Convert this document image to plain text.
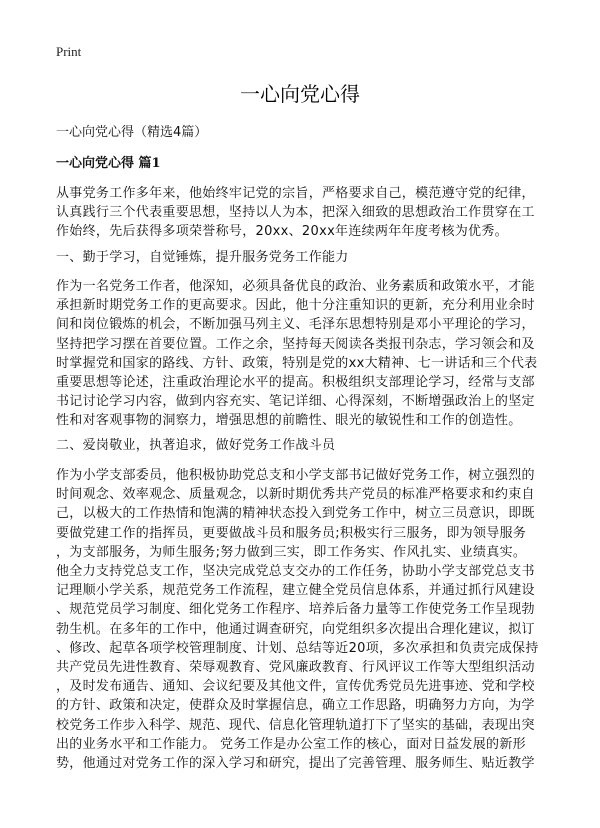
Print
一心向党心得

一心向党心得（精选4篇）

一心向党心得 篇1

从事党务工作多年来，他始终牢记党的宗旨，严格要求自己，模范遵守党的纪律，
认真践行三个代表重要思想，坚持以人为本，把深入细致的思想政治工作贯穿在工
作始终，先后获得多项荣誉称号，20xx、20xx年连续两年年度考核为优秀。

一、勤于学习，自觉锤炼，提升服务党务工作能力

作为一名党务工作者，他深知，必须具备优良的政治、业务素质和政策水平，才能
承担新时期党务工作的更高要求。因此，他十分注重知识的更新，充分利用业余时
间和岗位锻炼的机会，不断加强马列主义、毛泽东思想特别是邓小平理论的学习，
坚持把学习摆在首要位置。工作之余，坚持每天阅读各类报刊杂志，学习领会和及
时掌握党和国家的路线、方针、政策，特别是党的xx大精神、七一讲话和三个代表
重要思想等论述，注重政治理论水平的提高。积极组织支部理论学习，经常与支部
书记讨论学习内容，做到内容充实、笔记详细、心得深刻，不断增强政治上的坚定
性和对客观事物的洞察力，增强思想的前瞻性、眼光的敏锐性和工作的创造性。

二、爱岗敬业，执著追求，做好党务工作战斗员

作为小学支部委员，他积极协助党总支和小学支部书记做好党务工作，树立强烈的
时间观念、效率观念、质量观念，以新时期优秀共产党员的标准严格要求和约束自
己，以极大的工作热情和饱满的精神状态投入到党务工作中，树立三员意识，即既
要做党建工作的指挥员，更要做战斗员和服务员;积极实行三服务，即为领导服务
，为支部服务，为师生服务;努力做到三实，即工作务实、作风扎实、业绩真实。
他全力支持党总支工作，坚决完成党总支交办的工作任务，协助小学支部党总支书
记理顺小学关系，规范党务工作流程，建立健全党员信息体系，并通过抓行风建设
、规范党员学习制度、细化党务工作程序、培养后备力量等工作使党务工作呈现勃
勃生机。在多年的工作中，他通过调查研究，向党组织多次提出合理化建议，拟订
、修改、起草各项学校管理制度、计划、总结等近20项，多次承担和负责完成保持
共产党员先进性教育、荣辱观教育、党风廉政教育、行风评议工作等大型组织活动
，及时发布通告、通知、会议纪要及其他文件，宣传优秀党员先进事迹、党和学校
的方针、政策和决定，使群众及时掌握信息，确立工作思路，明确努力方向，为学
校党务工作步入科学、规范、现代、信息化管理轨道打下了坚实的基础，表现出突
出的业务水平和工作能力。 党务工作是办公室工作的核心，面对日益发展的新形
势，他通过对党务工作的深入学习和研究，提出了完善管理、服务师生、贴近教学
